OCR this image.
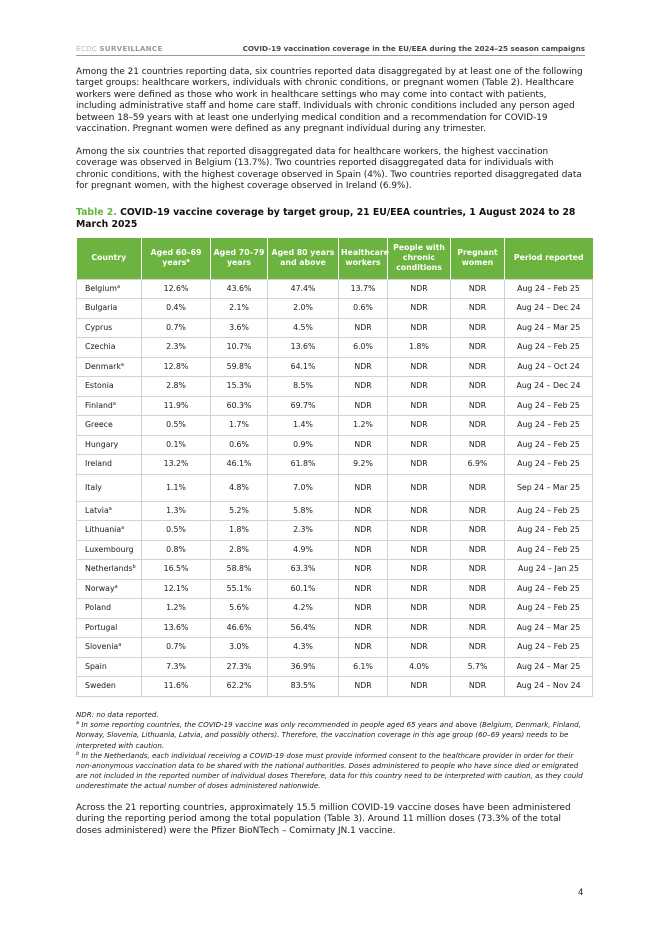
ECDC SURVEILLANCE	COVID-19 vaccination coverage in the EU/EEA during the 2024–25 season campaigns

Among the 21 countries reporting data, six countries reported data disaggregated by at least one of the following target groups: healthcare workers, individuals with chronic conditions, or pregnant women (Table 2). Healthcare workers were defined as those who work in healthcare settings who may come into contact with patients, including administrative staff and home care staff. Individuals with chronic conditions included any person aged between 18–59 years with at least one underlying medical condition and a recommendation for COVID-19 vaccination. Pregnant women were defined as any pregnant individual during any trimester.

Among the six countries that reported disaggregated data for healthcare workers, the highest vaccination coverage was observed in Belgium (13.7%). Two countries reported disaggregated data for individuals with chronic conditions, with the highest coverage observed in Spain (4%). Two countries reported disaggregated data for pregnant women, with the highest coverage observed in Ireland (6.9%).

Table 2. COVID-19 vaccine coverage by target group, 21 EU/EEA countries, 1 August 2024 to 28 March 2025
Country	Aged 60–69 years$^a$	Aged 70–79 years	Aged 80 years and above	Healthcare workers	People with chronic conditions	Pregnant women	Period reported
Belgium$^a$	12.6%	43.6%	47.4%	13.7%	NDR	NDR	Aug 24 – Feb 25
Bulgaria	0.4%	2.1%	2.0%	0.6%	NDR	NDR	Aug 24 – Dec 24
Cyprus	0.7%	3.6%	4.5%	NDR	NDR	NDR	Aug 24 – Mar 25
Czechia	2.3%	10.7%	13.6%	6.0%	1.8%	NDR	Aug 24 – Feb 25
Denmark$^a$	12.8%	59.8%	64.1%	NDR	NDR	NDR	Aug 24 – Oct 24
Estonia	2.8%	15.3%	8.5%	NDR	NDR	NDR	Aug 24 – Dec 24
Finland$^a$	11.9%	60.3%	69.7%	NDR	NDR	NDR	Aug 24 – Feb 25
Greece	0.5%	1.7%	1.4%	1.2%	NDR	NDR	Aug 24 – Feb 25
Hungary	0.1%	0.6%	0.9%	NDR	NDR	NDR	Aug 24 – Feb 25
Ireland	13.2%	46.1%	61.8%	9.2%	NDR	6.9%	Aug 24 – Feb 25
Italy	1.1%	4.8%	7.0%	NDR	NDR	NDR	Sep 24 – Mar 25
Latvia$^a$	1.3%	5.2%	5.8%	NDR	NDR	NDR	Aug 24 – Feb 25
Lithuania$^a$	0.5%	1.8%	2.3%	NDR	NDR	NDR	Aug 24 – Feb 25
Luxembourg	0.8%	2.8%	4.9%	NDR	NDR	NDR	Aug 24 – Feb 25
Netherlands$^b$	16.5%	58.8%	63.3%	NDR	NDR	NDR	Aug 24 – Jan 25
Norway$^a$	12.1%	55.1%	60.1%	NDR	NDR	NDR	Aug 24 – Feb 25
Poland	1.2%	5.6%	4.2%	NDR	NDR	NDR	Aug 24 – Feb 25
Portugal	13.6%	46.6%	56.4%	NDR	NDR	NDR	Aug 24 – Mar 25
Slovenia$^a$	0.7%	3.0%	4.3%	NDR	NDR	NDR	Aug 24 – Feb 25
Spain	7.3%	27.3%	36.9%	6.1%	4.0%	5.7%	Aug 24 – Mar 25
Sweden	11.6%	62.2%	83.5%	NDR	NDR	NDR	Aug 24 – Nov 24
NDR: no data reported.
$^a$ In some reporting countries, the COVID-19 vaccine was only recommended in people aged 65 years and above (Belgium, Denmark, Finland, Norway, Slovenia, Lithuania, Latvia, and possibly others). Therefore, the vaccination coverage in this age group (60–69 years) needs to be interpreted with caution.
$^b$ In the Netherlands, each individual receiving a COVID-19 dose must provide informed consent to the healthcare provider in order for their non-anonymous vaccination data to be shared with the national authorities. Doses administered to people who have since died or emigrated are not included in the reported number of individual doses Therefore, data for this country need to be interpreted with caution, as they could underestimate the actual number of doses administered nationwide.

Across the 21 reporting countries, approximately 15.5 million COVID-19 vaccine doses have been administered during the reporting period among the total population (Table 3). Around 11 million doses (73.3% of the total doses administered) were the Pfizer BioNTech – Comirnaty JN.1 vaccine.

4
